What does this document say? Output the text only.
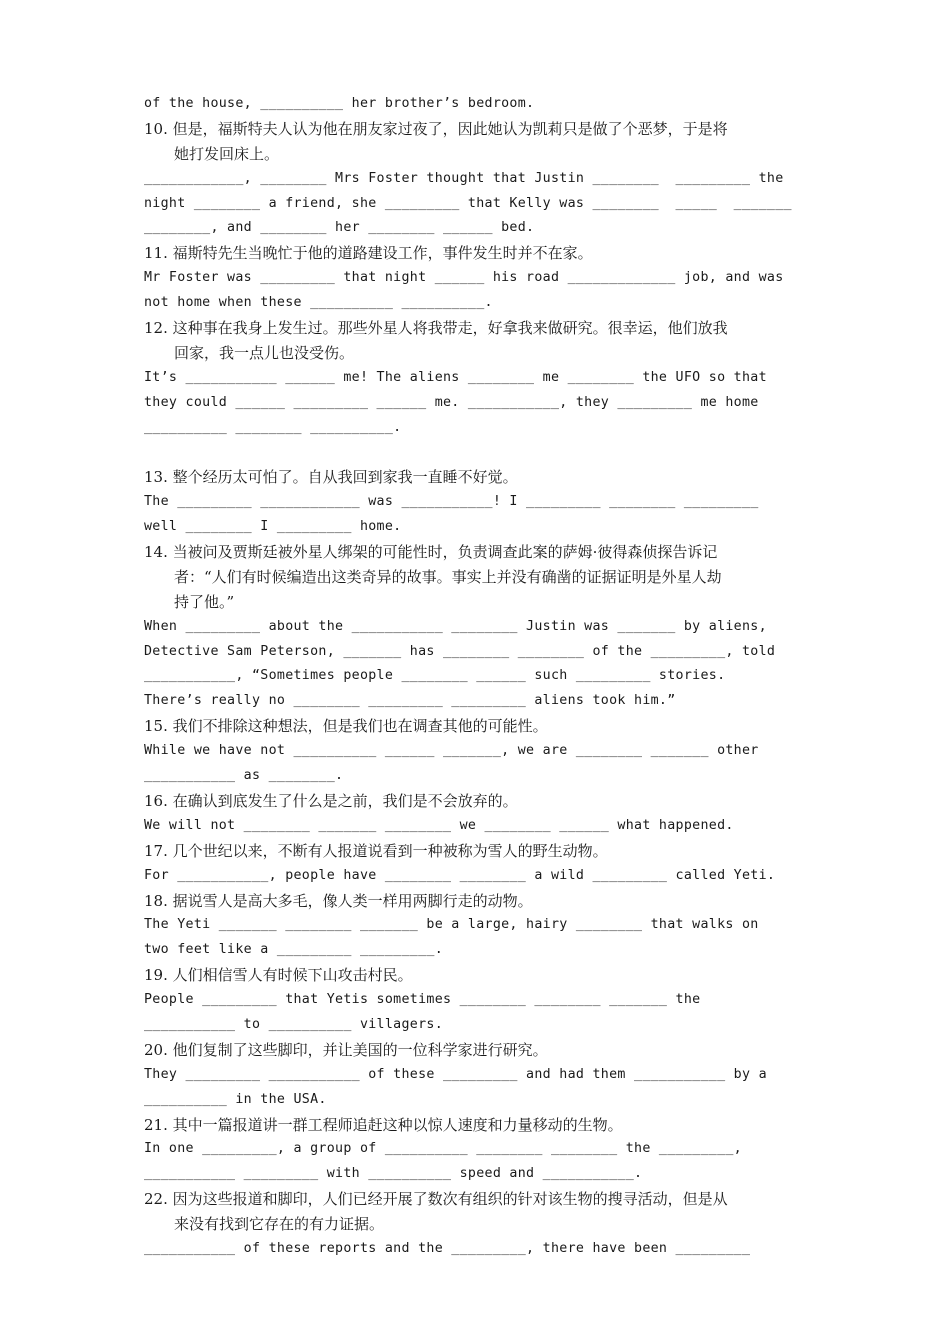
of the house, __________ her brother’s bedroom.
10. 但是，福斯特夫人认为他在朋友家过夜了，因此她认为凯莉只是做了个恶梦，于是将
她打发回床上。
____________, ________ Mrs Foster thought that Justin ________  _________ the
night ________ a friend, she _________ that Kelly was ________  _____  _______
________, and ________ her ________ ______ bed.
11. 福斯特先生当晚忙于他的道路建设工作，事件发生时并不在家。
Mr Foster was _________ that night ______ his road _____________ job, and was
not home when these __________ __________.
12. 这种事在我身上发生过。那些外星人将我带走，好拿我来做研究。很幸运，他们放我
回家，我一点儿也没受伤。
It’s ___________ ______ me! The aliens ________ me ________ the UFO so that
they could ______ _________ ______ me. ___________, they _________ me home
__________ ________ __________.
13. 整个经历太可怕了。自从我回到家我一直睡不好觉。
The _________ ____________ was ___________! I _________ ________ _________
well ________ I _________ home.
14. 当被问及贾斯廷被外星人绑架的可能性时，负责调查此案的萨姆·彼得森侦探告诉记
者：“人们有时候编造出这类奇异的故事。事实上并没有确凿的证据证明是外星人劫
持了他。”
When _________ about the ___________ ________ Justin was _______ by aliens,
Detective Sam Peterson, _______ has ________ ________ of the _________, told
___________, “Sometimes people ________ ______ such _________ stories.
There’s really no ________ _________ _________ aliens took him.”
15. 我们不排除这种想法，但是我们也在调查其他的可能性。
While we have not __________ ______ _______, we are ________ _______ other
___________ as ________.
16. 在确认到底发生了什么是之前，我们是不会放弃的。
We will not ________ _______ ________ we ________ ______ what happened.
17. 几个世纪以来，不断有人报道说看到一种被称为雪人的野生动物。
For ___________, people have ________ ________ a wild _________ called Yeti.
18. 据说雪人是高大多毛，像人类一样用两脚行走的动物。
The Yeti _______ ________ _______ be a large, hairy ________ that walks on
two feet like a _________ _________.
19. 人们相信雪人有时候下山攻击村民。
People _________ that Yetis sometimes ________ ________ _______ the
___________ to __________ villagers.
20. 他们复制了这些脚印，并让美国的一位科学家进行研究。
They _________ ___________ of these _________ and had them ___________ by a
__________ in the USA.
21. 其中一篇报道讲一群工程师追赶这种以惊人速度和力量移动的生物。
In one _________, a group of __________ ________ ________ the _________,
___________ _________ with __________ speed and ___________.
22. 因为这些报道和脚印，人们已经开展了数次有组织的针对该生物的搜寻活动，但是从
来没有找到它存在的有力证据。
___________ of these reports and the _________, there have been _________
